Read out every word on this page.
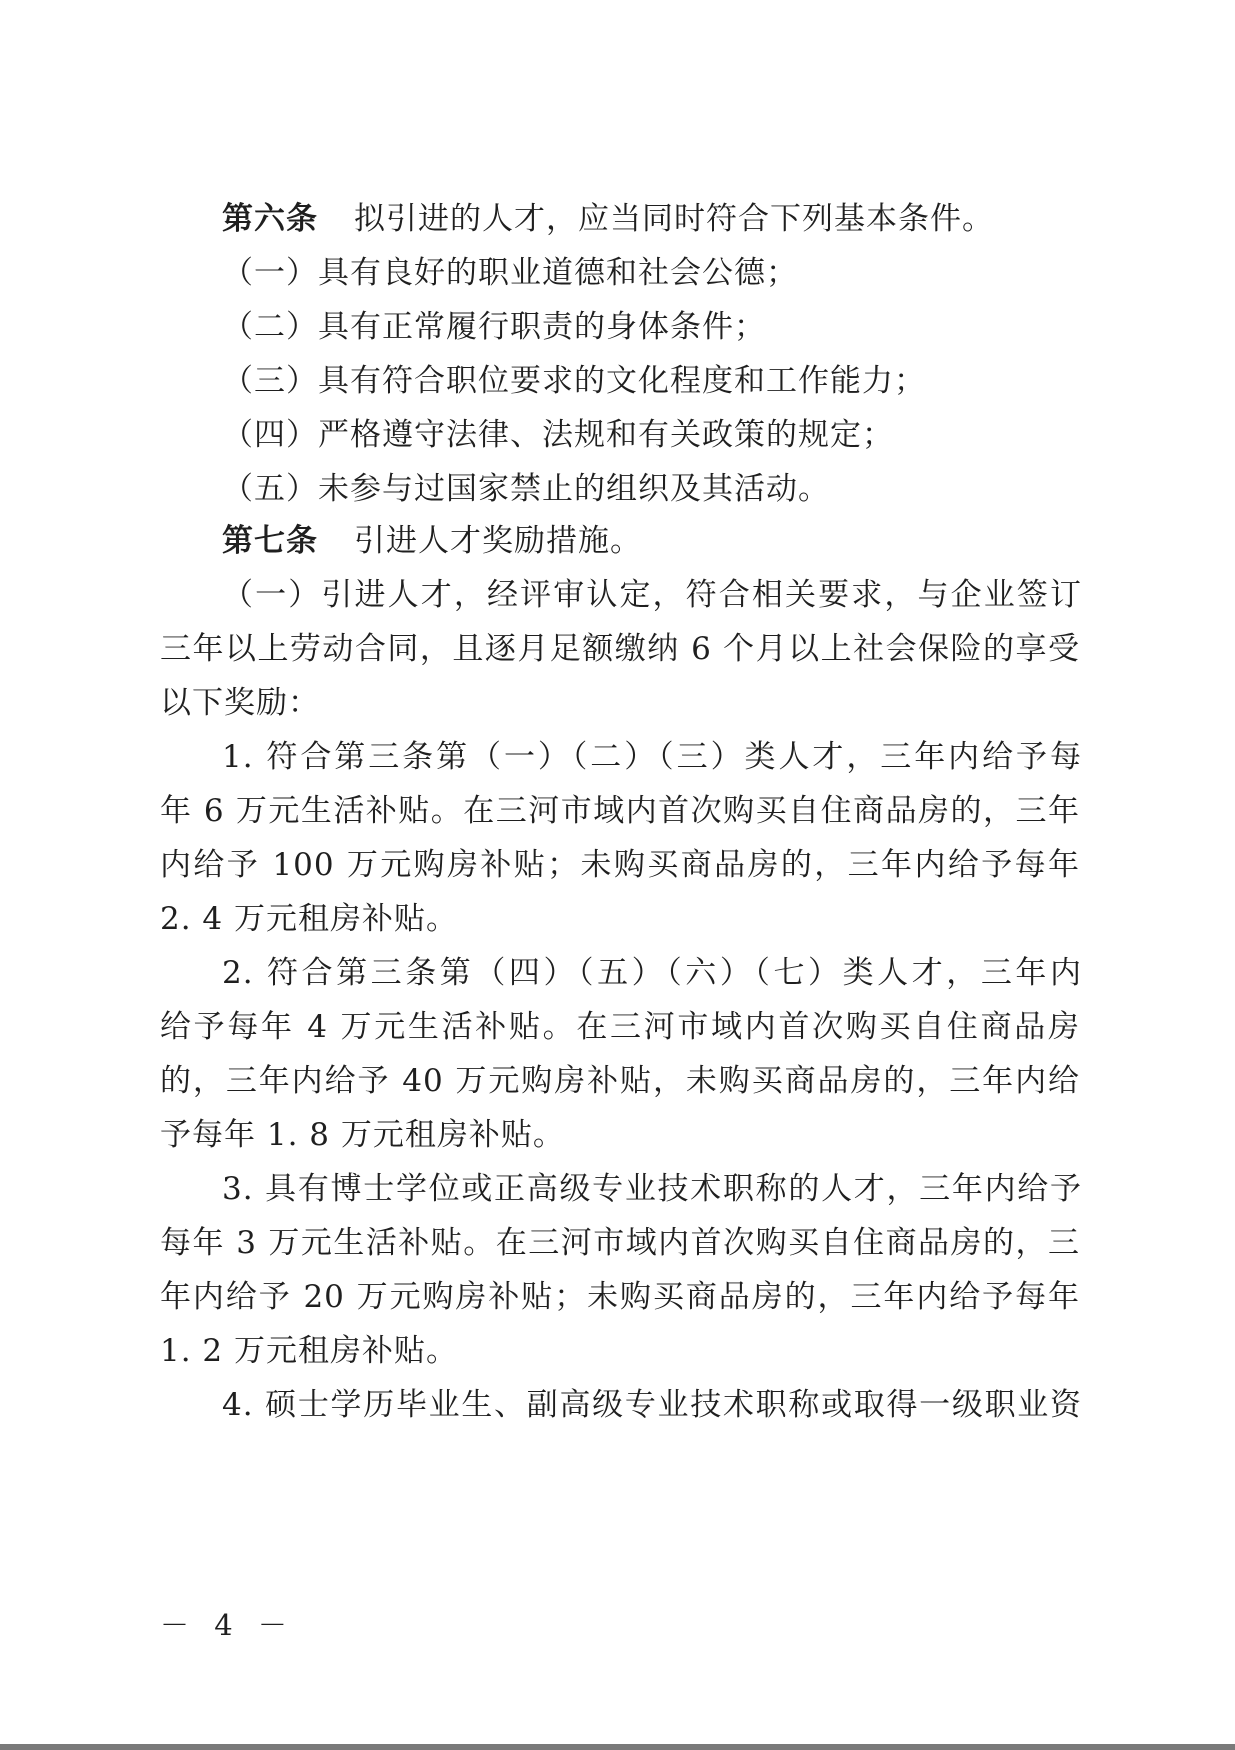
第六条 拟引进的人才，应当同时符合下列基本条件。
（一）具有良好的职业道德和社会公德；
（二）具有正常履行职责的身体条件；
（三）具有符合职位要求的文化程度和工作能力；
（四）严格遵守法律、法规和有关政策的规定；
（五）未参与过国家禁止的组织及其活动。
第七条 引进人才奖励措施。
（一）引进人才，经评审认定，符合相关要求，与企业签订
三年以上劳动合同，且逐月足额缴纳 6 个月以上社会保险的享受
以下奖励：
1. 符合第三条第（一）（二）（三）类人才，三年内给予每
年 6 万元生活补贴。在三河市域内首次购买自住商品房的，三年
内给予 100 万元购房补贴；未购买商品房的，三年内给予每年
2. 4 万元租房补贴。
2. 符合第三条第（四）（五）（六）（七）类人才，三年内
给予每年 4 万元生活补贴。在三河市域内首次购买自住商品房
的，三年内给予 40 万元购房补贴，未购买商品房的，三年内给
予每年 1. 8 万元租房补贴。
3. 具有博士学位或正高级专业技术职称的人才，三年内给予
每年 3 万元生活补贴。在三河市域内首次购买自住商品房的，三
年内给予 20 万元购房补贴；未购买商品房的，三年内给予每年
1. 2 万元租房补贴。
4. 硕士学历毕业生、副高级专业技术职称或取得一级职业资
－ 4 －
